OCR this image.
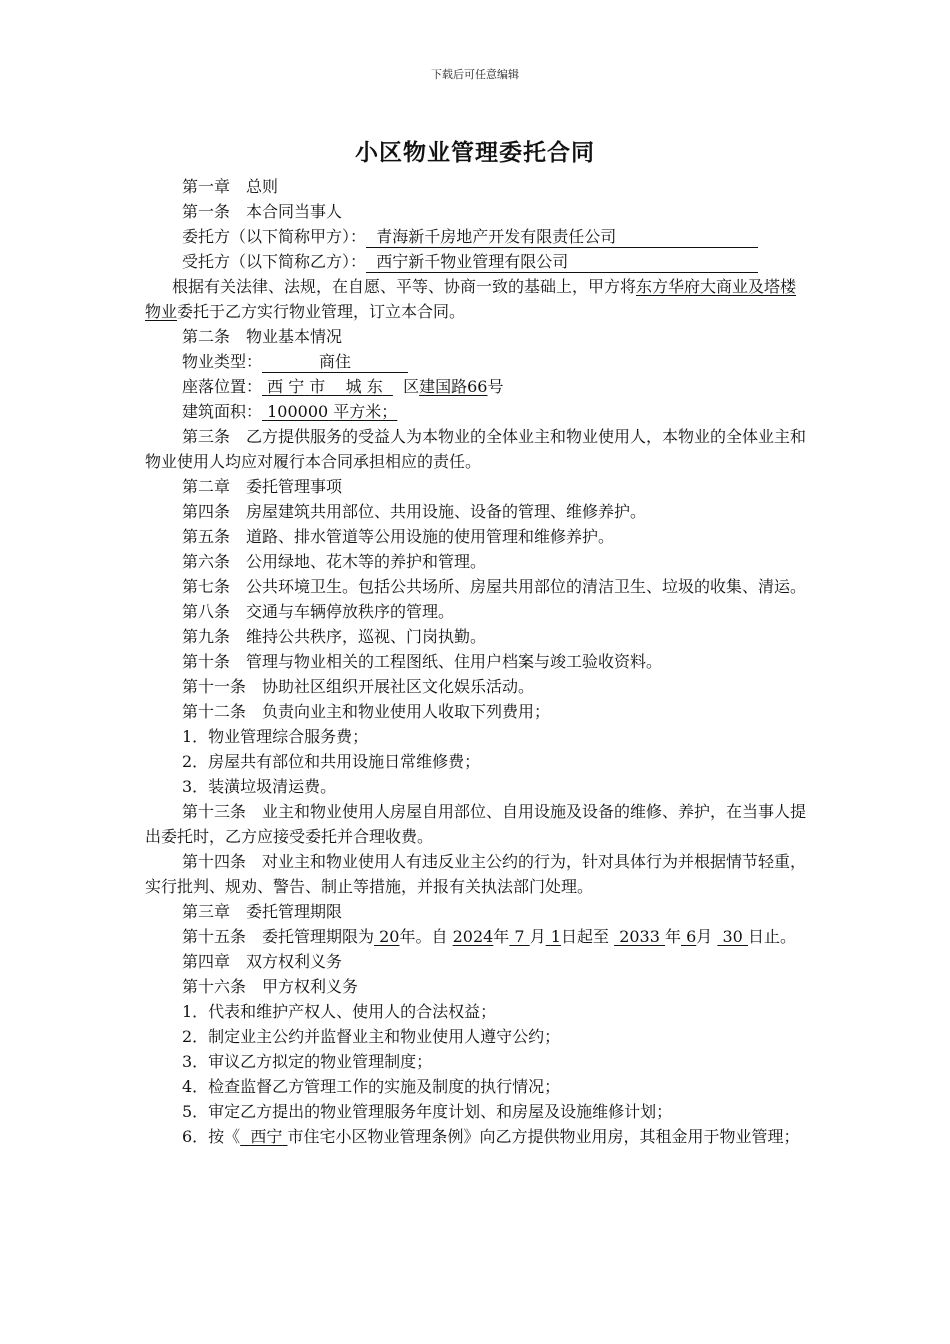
下载后可任意编辑
小区物业管理委托合同

第一章　总则

第一条　本合同当事人

委托方（以下简称甲方）： 青海新千房地产开发有限责任公司

受托方（以下简称乙方）： 西宁新千物业管理有限公司

根据有关法律、法规，在自愿、平等、协商一致的基础上，甲方将东方华府大商业及塔楼物业委托于乙方实行物业管理，订立本合同。

第二条　物业基本情况

物业类型：	商住

座落位置： 西 宁 市 城 东 区建国路66号

建筑面积： 100000 平方米；

第三条　乙方提供服务的受益人为本物业的全体业主和物业使用人，本物业的全体业主和物业使用人均应对履行本合同承担相应的责任。

第二章　委托管理事项

第四条　房屋建筑共用部位、共用设施、设备的管理、维修养护。

第五条　道路、排水管道等公用设施的使用管理和维修养护。

第六条　公用绿地、花木等的养护和管理。

第七条　公共环境卫生。包括公共场所、房屋共用部位的清洁卫生、垃圾的收集、清运。

第八条　交通与车辆停放秩序的管理。

第九条　维持公共秩序，巡视、门岗执勤。

第十条　管理与物业相关的工程图纸、住用户档案与竣工验收资料。

第十一条　协助社区组织开展社区文化娱乐活动。

第十二条　负责向业主和物业使用人收取下列费用；

1．物业管理综合服务费；

2．房屋共有部位和共用设施日常维修费；

3．装潢垃圾清运费。

第十三条　业主和物业使用人房屋自用部位、自用设施及设备的维修、养护，在当事人提出委托时，乙方应接受委托并合理收费。

第十四条　对业主和物业使用人有违反业主公约的行为，针对具体行为并根据情节轻重，实行批判、规劝、警告、制止等措施，并报有关执法部门处理。

第三章　委托管理期限

第十五条　委托管理期限为 20年。自 2024年 7 月 1日起至 2033 年 6月 30 日止。

第四章　双方权利义务

第十六条　甲方权利义务

1．代表和维护产权人、使用人的合法权益；

2．制定业主公约并监督业主和物业使用人遵守公约；

3．审议乙方拟定的物业管理制度；

4．检查监督乙方管理工作的实施及制度的执行情况；

5．审定乙方提出的物业管理服务年度计划、和房屋及设施维修计划；

6．按《 西宁 市住宅小区物业管理条例》向乙方提供物业用房，其租金用于物业管理；
